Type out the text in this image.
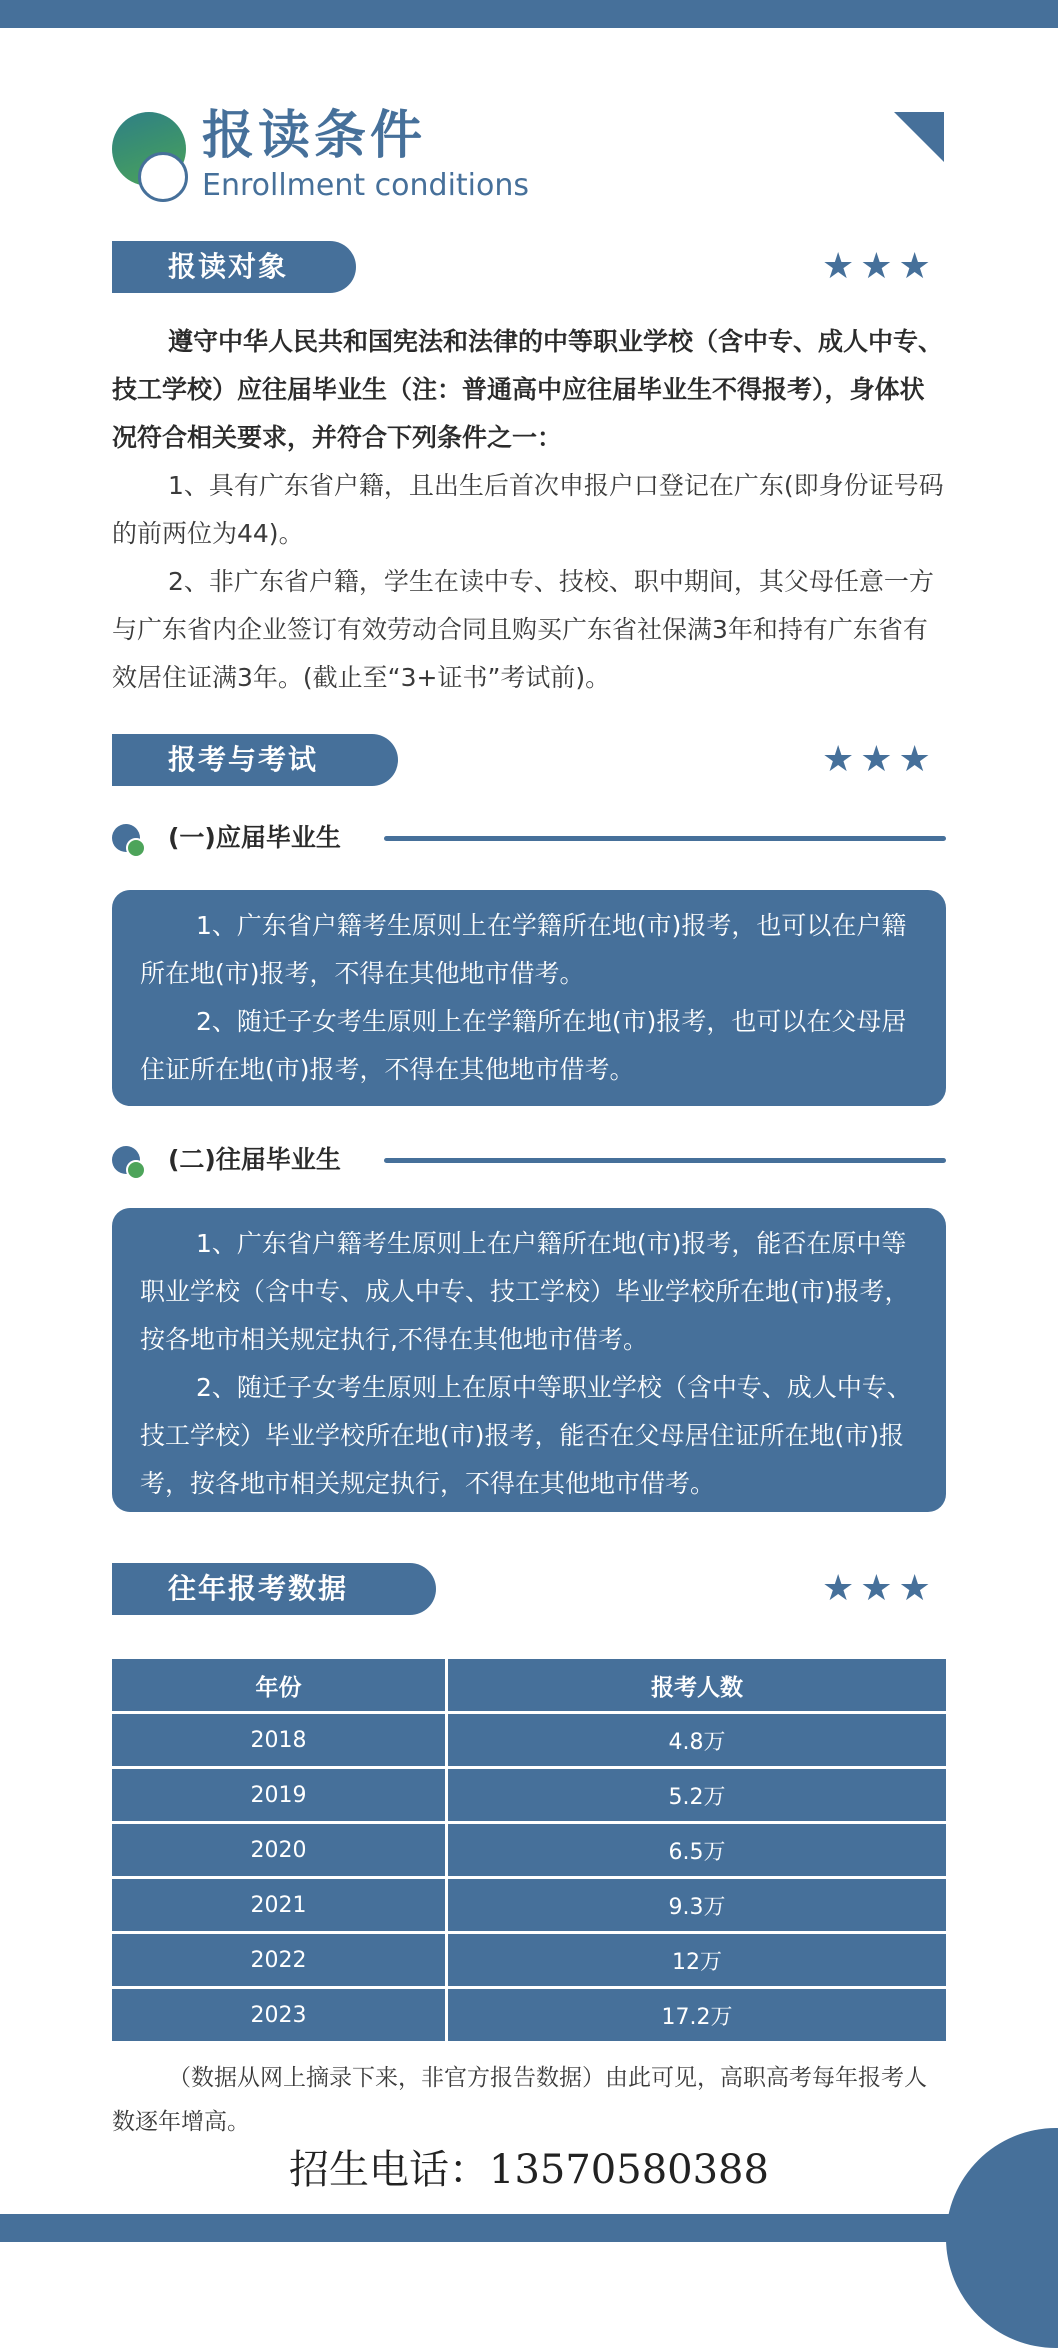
报读条件
Enrollment conditions
报读对象	★★★

遵守中华人民共和国宪法和法律的中等职业学校（含中专、成人中专、技工学校）应往届毕业生（注：普通高中应往届毕业生不得报考），身体状况符合相关要求，并符合下列条件之一：

1、具有广东省户籍，且出生后首次申报户口登记在广东(即身份证号码的前两位为44)。

2、非广东省户籍，学生在读中专、技校、职中期间，其父母任意一方与广东省内企业签订有效劳动合同且购买广东省社保满3年和持有广东省有效居住证满3年。(截止至“3+证书”考试前)。

报考与考试	★★★
(一)应届毕业生

1、广东省户籍考生原则上在学籍所在地(市)报考，也可以在户籍所在地(市)报考，不得在其他地市借考。

2、随迁子女考生原则上在学籍所在地(市)报考，也可以在父母居住证所在地(市)报考，不得在其他地市借考。

(二)往届毕业生

1、广东省户籍考生原则上在户籍所在地(市)报考，能否在原中等职业学校（含中专、成人中专、技工学校）毕业学校所在地(市)报考，按各地市相关规定执行,不得在其他地市借考。

2、随迁子女考生原则上在原中等职业学校（含中专、成人中专、技工学校）毕业学校所在地(市)报考，能否在父母居住证所在地(市)报考，按各地市相关规定执行，不得在其他地市借考。

往年报考数据	★★★
年份	报考人数
2018	4.8万
2019	5.2万
2020	6.5万
2021	9.3万
2022	12万
2023	17.2万

（数据从网上摘录下来，非官方报告数据）由此可见，高职高考每年报考人数逐年增高。

招生电话：13570580388
